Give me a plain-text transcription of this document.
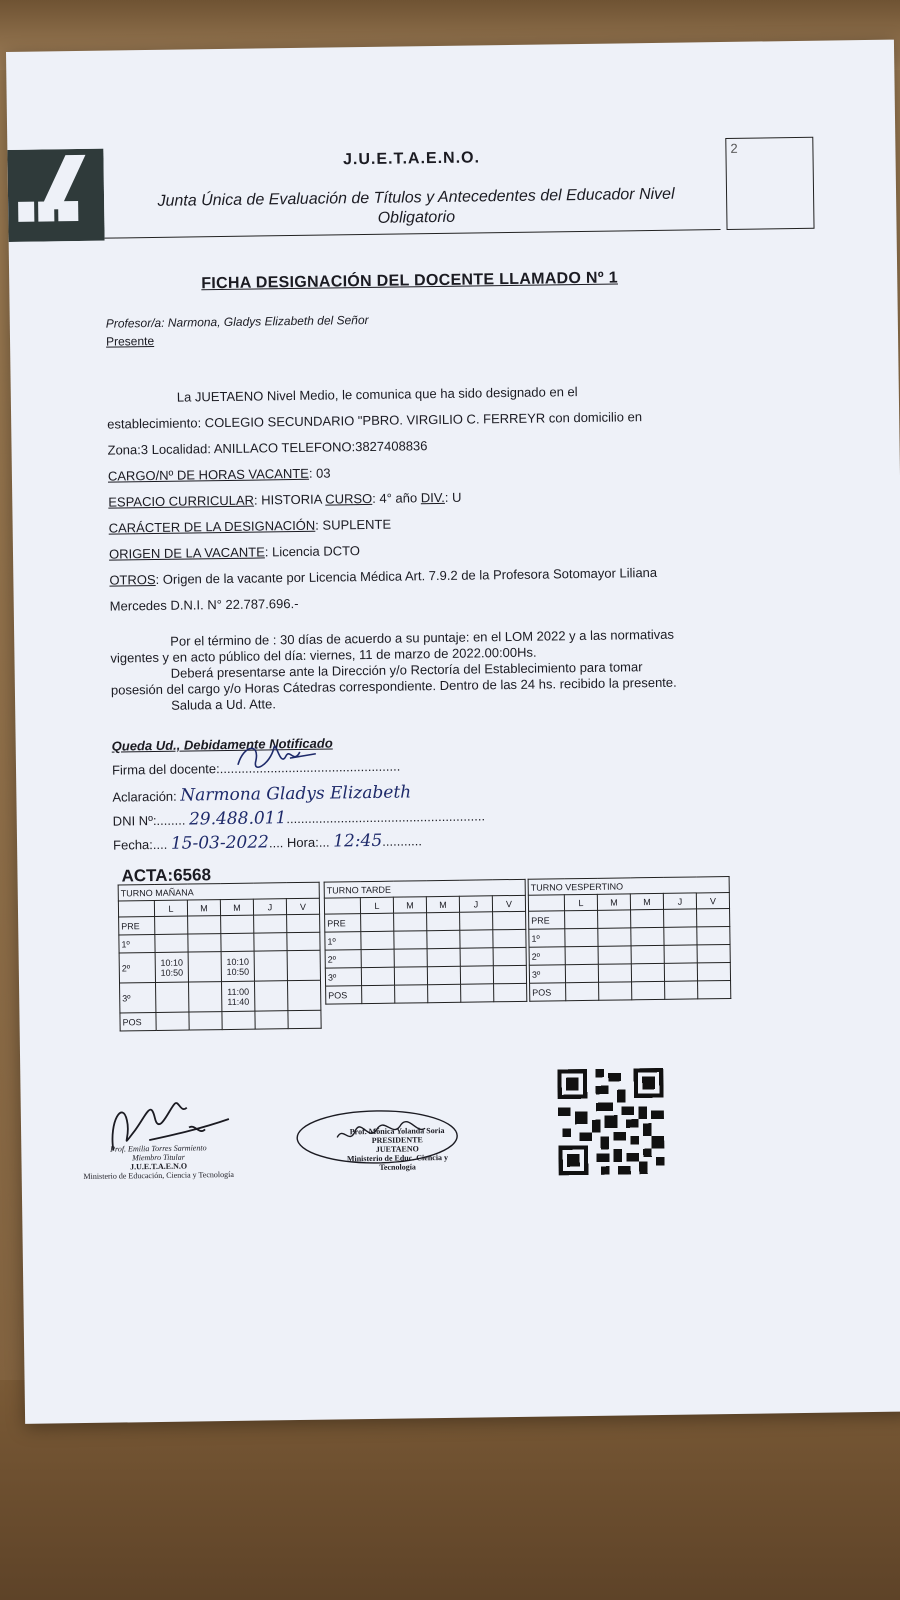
J.U.E.T.A.E.N.O.
Junta Única de Evaluación de Títulos y Antecedentes del Educador Nivel
Obligatorio
2
FICHA DESIGNACIÓN DEL DOCENTE LLAMADO Nº 1
Profesor/a: Narmona, Gladys Elizabeth del Señor
Presente
La JUETAENO Nivel Medio, le comunica que ha sido designado en el
establecimiento: COLEGIO SECUNDARIO "PBRO. VIRGILIO C. FERREYR con domicilio en
Zona:3 Localidad: ANILLACO TELEFONO:3827408836
CARGO/Nº DE HORAS VACANTE: 03
ESPACIO CURRICULAR: HISTORIA CURSO: 4° año DIV.: U
CARÁCTER DE LA DESIGNACIÓN: SUPLENTE
ORIGEN DE LA VACANTE: Licencia DCTO
OTROS: Origen de la vacante por Licencia Médica Art. 7.9.2 de la Profesora Sotomayor Liliana
Mercedes D.N.I. N° 22.787.696.-
Por el término de : 30 días de acuerdo a su puntaje: en el LOM 2022 y a las normativas
vigentes y en acto público del día: viernes, 11 de marzo de 2022.00:00Hs.
Deberá presentarse ante la Dirección y/o Rectoría del Establecimiento para tomar
posesión del cargo y/o Horas Cátedras correspondiente. Dentro de las 24 hs. recibido la presente.
Saluda a Ud. Atte.
Queda Ud., Debidamente Notificado
Firma del docente:..................................................
Aclaración: Narmona Gladys Elizabeth
DNI Nº:........ 29.488.011.......................................................
Fecha:.... 15-03-2022.... Hora:... 12:45...........
ACTA:6568
TURNO MAÑANA					
	L	M	M	J	V
PRE					
1º					
2º	10:10 10:50		10:10 10:50		
3º			11:00 11:40		
POS					
TURNO TARDE					
	L	M	M	J	V
PRE					
1º					
2º					
3º					
POS					
TURNO VESPERTINO					
	L	M	M	J	V
PRE					
1º					
2º					
3º					
POS					
Prof. Emilia Torres Sarmiento
Miembro Titular
J.U.E.T.A.E.N.O
Ministerio de Educación, Ciencia y Tecnología
Prof. Mónica Yolanda Soria
PRESIDENTE
JUETAENO
Ministerio de Educ. Ciencia y Tecnología
